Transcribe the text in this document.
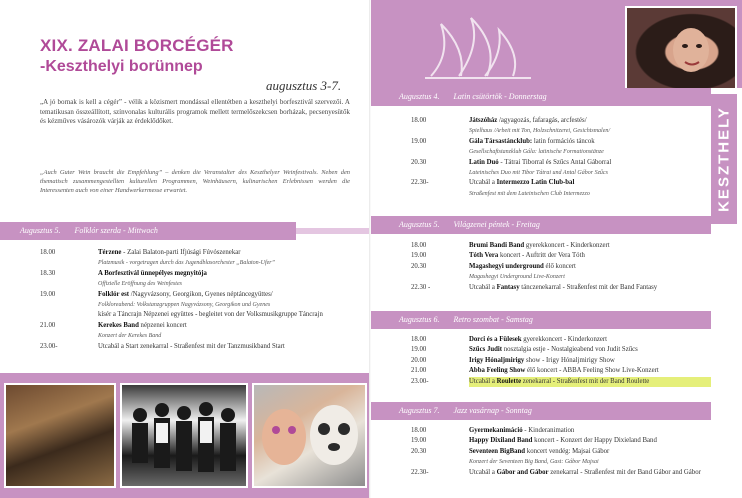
XIX. ZALAI BORCÉGÉR
-Keszthelyi borünnep
augusztus 3-7.
„A jó bornak is kell a cégér” - vélik a közismert mondással ellentétben a keszthelyi borfesztivál szervezői. A tematikusan összeállított, színvonalas kulturális programok mellett termelőszekcsen borházak, pecsenyesütők és kézműves vásározók várják az érdeklődőket.
„Auch Guter Wein braucht die Empfehlung” – denken die Veranstalter des Keszthelyer Weinfestivals. Neben den thematisch zusammengestellten kulturellen Programmen, Weinhäusern, kulinarischen Erlebnissen werden die Interessenten auch von einer Handwerkermesse erwartet.
Augusztus 5. Folklór szerda - Mittwoch
18.00	Térzene - Zalai Balaton-parti Ifjúsági Fúvószenekar
Platzmusik - vorgetragen durch das Jugendblasorchester „Balaton-Ufer”
18.30	A Borfesztivál ünnepélyes megnyitója
Offizielle Eröffnung des Weinfestes
19.00	Folklór est /Nagyvázsony, Georgikon, Gyenes néptáncegyüttes/
Folkloreabend: Volkstanzgruppen Nagyvázsony, Georgikon und Gyenes
kísér a Táncrajn Népzenei együttes - begleitet von der Volksmusikgruppe Táncrajn
21.00	Kerekes Band népzenei koncert
Konzert der Kerekes Band
23.00-	Utcabál a Start zenekarral - Straßenfest mit der Tanzmusikband Start
KESZTHELY
Augusztus 4. Latin csütörtök - Donnerstag
18.00	Játszóház /agyagozás, fafaragás, arcfestés/
Spielhaus /Arbeit mit Ton, Holzschnitzerei, Gesichtsmalen/
19.00	Gála Társastáncklub: latin formációs táncok
Gesellschaftstanzklub Gála: latinische Formationstänze
20.30	Latin Duó - Tátrai Tiborral és Szűcs Antal Gáborral
Lateinisches Duo mit Tibor Tátrai und Antal Gábor Szűcs
22.30-	Utcabál a Intermezzo Latin Club-bal
Straßenfest mit dem Lateinischen Club Intermezzo
Augusztus 5. Világzenei péntek - Freitag
18.00	Brumi Bandi Band gyerekkoncert - Kinderkonzert
19.00	Tóth Vera koncert - Auftritt der Vera Tóth
20.30	Magashegyi underground élő koncert
Magashegyi Underground Live-Konzert
22.30 -	Utcabál a Fantasy tánczenekarral - Straßenfest mit der Band Fantasy
Augusztus 6. Retro szombat - Samstag
18.00	Dorci és a Fülesek gyerekkoncert - Kinderkonzert
19.00	Szűcs Judit nosztalgia estje - Nostalgieabend von Judit Szűcs
20.00	Irigy Hónaljmirigy show - Irigy Hónaljmirigy Show
21.00	Abba Feeling Show élő koncert - ABBA Feeling Show Live-Konzert
23.00-	Utcabál a Roulette zenekarral - Straßenfest mit der Band Roulette
Augusztus 7. Jazz vasárnap - Sonntag
18.00	Gyermekanimáció - Kinderanimation
19.00	Happy Dixiland Band koncert - Konzert der Happy Dixieland Band
20.30	Seventeen BigBand koncert vendég: Majsai Gábor
Konzert der Seventeen Big Band, Gast: Gábor Majsai
22.30-	Utcabál a Gábor and Gábor zenekarral - Straßenfest mit der Band Gábor and Gábor
